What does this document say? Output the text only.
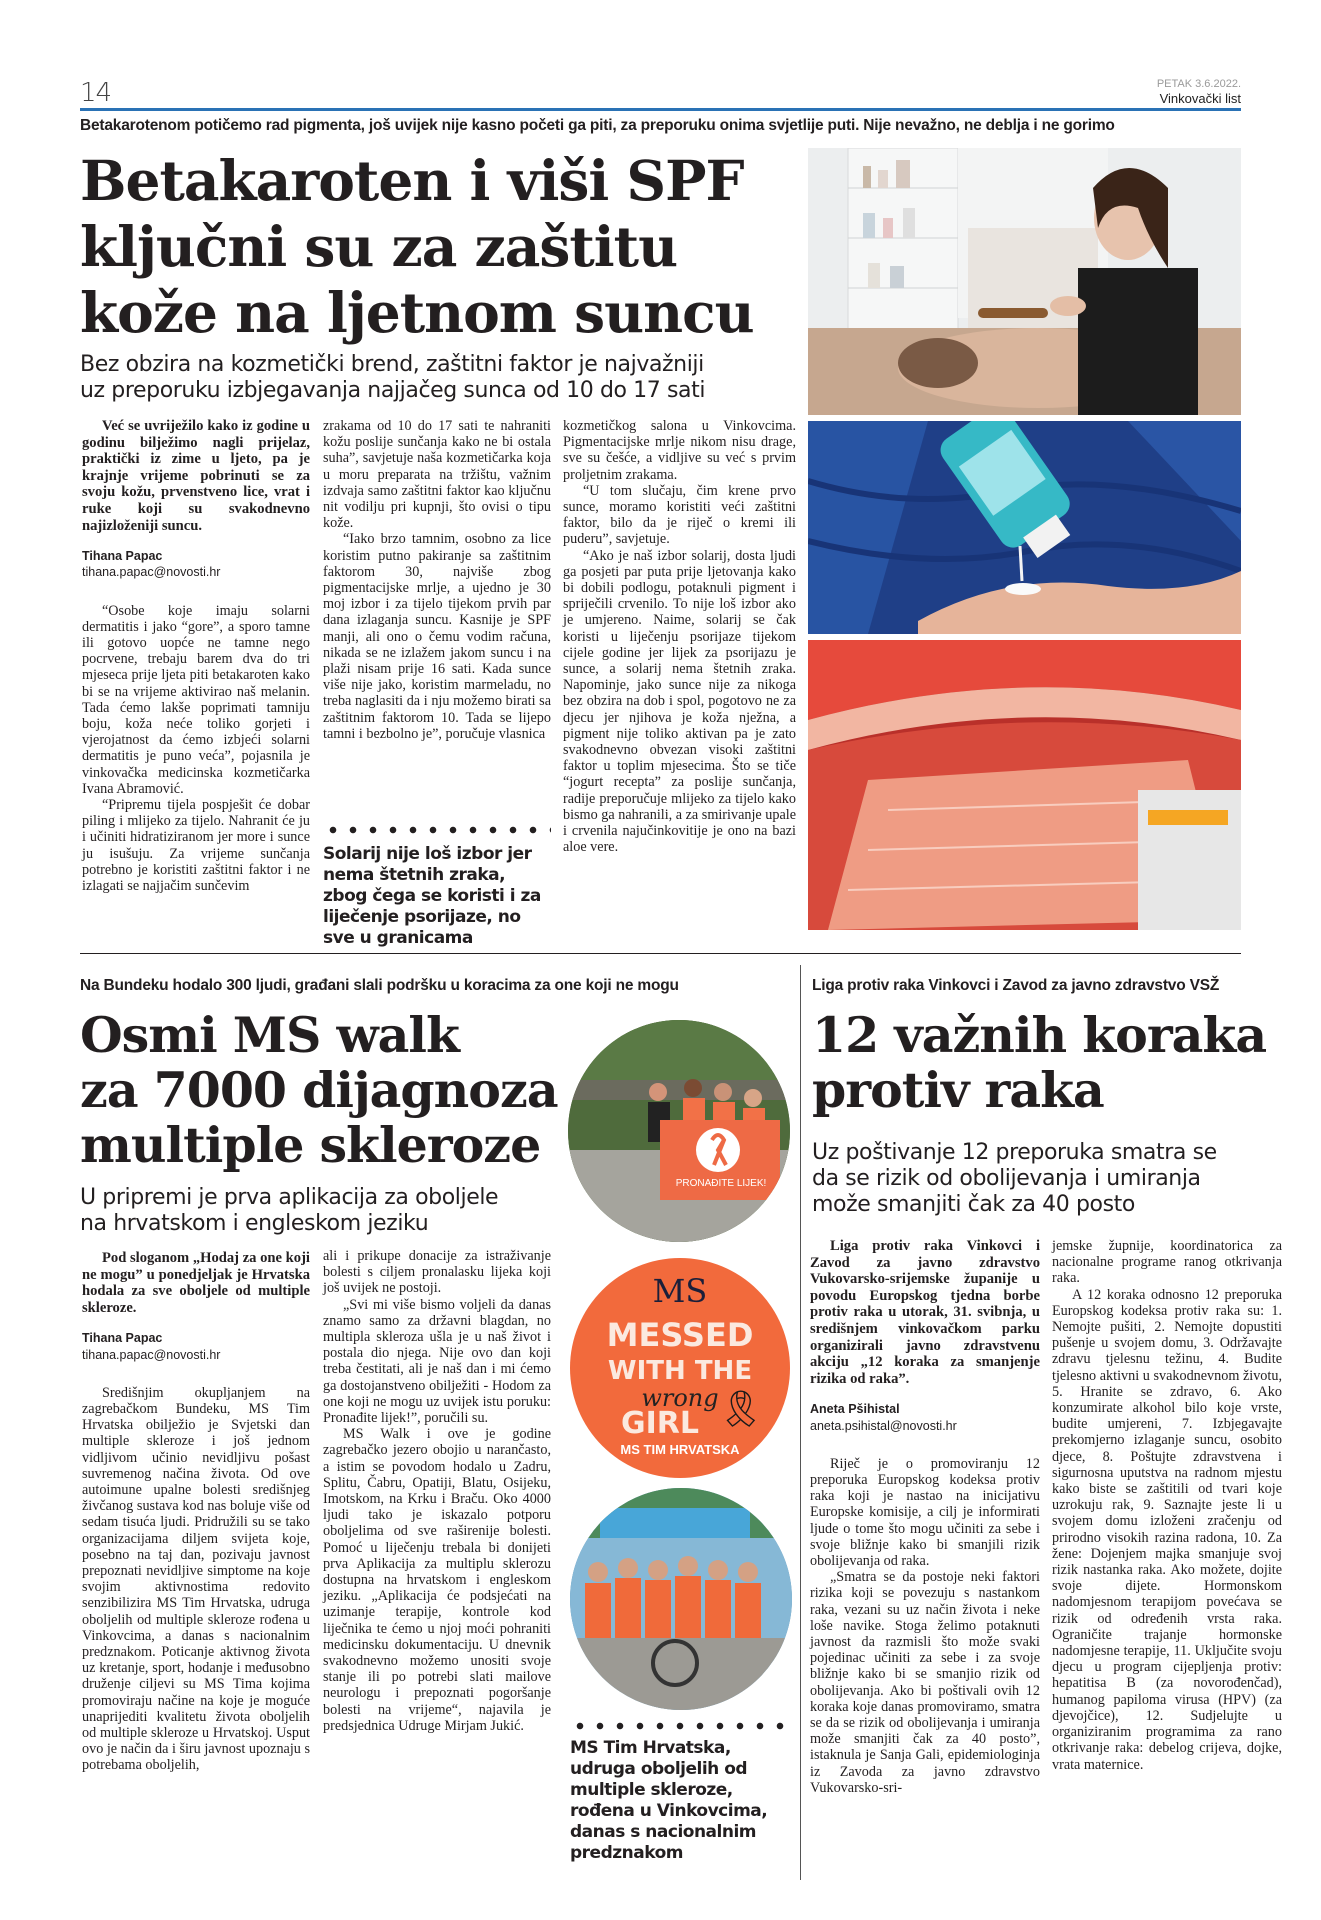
14	PETAK 3.6.2022.
Vinkovački list
Betakarotenom potičemo rad pigmenta, još uvijek nije kasno početi ga piti, za preporuku onima svjetlije puti. Nije nevažno, ne deblja i ne gorimo
Betakaroten i viši SPF
ključni su za zaštitu
kože na ljetnom suncu
Bez obzira na kozmetički brend, zaštitni faktor je najvažniji
uz preporuku izbjegavanja najjačeg sunca od 10 do 17 sati

Već se uvriježilo kako iz godine u godinu bilježimo nagli prijelaz, praktički iz zime u ljeto, pa je krajnje vrijeme pobrinuti se za svoju kožu, prvenstveno lice, vrat i ruke koji su svakodnevno najizloženiji suncu.

Tihana Papac

tihana.papac@novosti.hr

“Osobe koje imaju solarni dermatitis i jako “gore”, a sporo tamne ili gotovo uopće ne tamne nego pocrvene, trebaju barem dva do tri mjeseca prije ljeta piti betakaroten kako bi se na vrijeme aktivirao naš melanin. Tada ćemo lakše poprimati tamniju boju, koža neće toliko gorjeti i vjerojatnost da ćemo izbjeći solarni dermatitis je puno veća”, pojasnila je vinkovačka medicinska kozmetičarka Ivana Abramović.

“Pripremu tijela pospješit će dobar piling i mlijeko za tijelo. Nahranit će ju i učiniti hidratiziranom jer more i sunce ju isušuju. Za vrijeme sunčanja potrebno je koristiti zaštitni faktor i ne izlagati se najjačim sunčevim

zrakama od 10 do 17 sati te nahraniti kožu poslije sunčanja kako ne bi ostala suha”, savjetuje naša kozmetičarka koja u moru preparata na tržištu, važnim izdvaja samo zaštitni faktor kao ključnu nit vodilju pri kupnji, što ovisi o tipu kože.

“Iako brzo tamnim, osobno za lice koristim putno pakiranje sa zaštitnim faktorom 30, najviše zbog pigmentacijske mrlje, a ujedno je 30 moj izbor i za tijelo tijekom prvih par dana izlaganja suncu. Kasnije je SPF manji, ali ono o čemu vodim računa, nikada se ne izlažem jakom suncu i na plaži nisam prije 16 sati. Kada sunce više nije jako, koristim marmeladu, no treba naglasiti da i nju možemo birati sa zaštitnim faktorom 10. Tada se lijepo tamni i bezbolno je”, poručuje vlasnica

Solarij nije loš izbor jer nema štetnih zraka, zbog čega se koristi i za liječenje psorijaze, no sve u granicama

kozmetičkog salona u Vinkovcima. Pigmentacijske mrlje nikom nisu drage, sve su češće, a vidljive su već s prvim proljetnim zrakama.

“U tom slučaju, čim krene prvo sunce, moramo koristiti veći zaštitni faktor, bilo da je riječ o kremi ili puderu”, savjetuje.

“Ako je naš izbor solarij, dosta ljudi ga posjeti par puta prije ljetovanja kako bi dobili podlogu, potaknuli pigment i spriječili crvenilo. To nije loš izbor ako je umjereno. Naime, solarij se čak koristi u liječenju psorijaze tijekom cijele godine jer lijek za psorijazu je sunce, a solarij nema štetnih zraka. Napominje, jako sunce nije za nikoga bez obzira na dob i spol, pogotovo ne za djecu jer njihova je koža nježna, a pigment nije toliko aktivan pa je zato svakodnevno obvezan visoki zaštitni faktor u toplim mjesecima. Što se tiče “jogurt recepta” za poslije sunčanja, radije preporučuje mlijeko za tijelo kako bismo ga nahranili, a za smirivanje upale i crvenila najučinkovitije je ono na bazi aloe vere.

Na Bundeku hodalo 300 ljudi, građani slali podršku u koracima za one koji ne mogu
Osmi MS walk
za 7000 dijagnoza
multiple skleroze
U pripremi je prva aplikacija za oboljele
na hrvatskom i engleskom jeziku

Pod sloganom „Hodaj za one koji ne mogu” u ponedjeljak je Hrvatska hodala za sve oboljele od multiple skleroze.

Tihana Papac

tihana.papac@novosti.hr

Središnjim okupljanjem na zagrebačkom Bundeku, MS Tim Hrvatska obilježio je Svjetski dan multiple skleroze i još jednom vidljivom učinio nevidljivu pošast suvremenog načina života. Od ove autoimune upalne bolesti središnjeg živčanog sustava kod nas boluje više od sedam tisuća ljudi. Pridružili su se tako organizacijama diljem svijeta koje, posebno na taj dan, pozivaju javnost prepoznati nevidljive simptome na koje svojim aktivnostima redovito senzibilizira MS Tim Hrvatska, udruga oboljelih od multiple skleroze rođena u Vinkovcima, a danas s nacionalnim predznakom. Poticanje aktivnog života uz kretanje, sport, hodanje i međusobno druženje ciljevi su MS Tima kojima promoviraju načine na koje je moguće unaprijediti kvalitetu života oboljelih od multiple skleroze u Hrvatskoj. Usput ovo je način da i širu javnost upoznaju s potrebama oboljelih,

ali i prikupe donacije za istraživanje bolesti s ciljem pronalasku lijeka koji još uvijek ne postoji.

„Svi mi više bismo voljeli da danas znamo samo za državni blagdan, no multipla skleroza ušla je u naš život i postala dio njega. Nije ovo dan koji treba čestitati, ali je naš dan i mi ćemo ga dostojanstveno obilježiti - Hodom za one koji ne mogu uz uvijek istu poruku: Pronađite lijek!”, poručili su.

MS Walk i ove je godine zagrebačko jezero obojio u narančasto, a istim se povodom hodalo u Zadru, Splitu, Čabru, Opatiji, Blatu, Osijeku, Imotskom, na Krku i Braču. Oko 4000 ljudi tako je iskazalo potporu oboljelima od sve raširenije bolesti. Pomoć u liječenju trebala bi donijeti prva Aplikacija za multiplu sklerozu dostupna na hrvatskom i engleskom jeziku. „Aplikacija će podsjećati na uzimanje terapije, kontrole kod liječnika te ćemo u njoj moći pohraniti medicinsku dokumentaciju. U dnevnik svakodnevno možemo unositi svoje stanje ili po potrebi slati mailove neurologu i prepoznati pogoršanje bolesti na vrijeme“, najavila je predsjednica Udruge Mirjam Jukić.

PRONAĐITE LIJEK!
MS
MESSED
WITH THE
wrong
GIRL 🎗
MS TIM HRVATSKA
MS Tim Hrvatska, udruga oboljelih od multiple skleroze, rođena u Vinkovcima, danas s nacionalnim predznakom
Liga protiv raka Vinkovci i Zavod za javno zdravstvo VSŽ
12 važnih koraka
protiv raka
Uz poštivanje 12 preporuka smatra se
da se rizik od obolijevanja i umiranja
može smanjiti čak za 40 posto

Liga protiv raka Vinkovci i Zavod za javno zdravstvo Vukovarsko-srijemske županije u povodu Europskog tjedna borbe protiv raka u utorak, 31. svibnja, u središnjem vinkovačkom parku organizirali javno zdravstvenu akciju „12 koraka za smanjenje rizika od raka”.

Aneta Pšihistal

aneta.psihistal@novosti.hr

Riječ je o promoviranju 12 preporuka Europskog kodeksa protiv raka koji je nastao na inicijativu Europske komisije, a cilj je informirati ljude o tome što mogu učiniti za sebe i svoje bližnje kako bi smanjili rizik obolijevanja od raka.

„Smatra se da postoje neki faktori rizika koji se povezuju s nastankom raka, vezani su uz način života i neke loše navike. Stoga želimo potaknuti javnost da razmisli što može svaki pojedinac učiniti za sebe i za svoje bližnje kako bi se smanjio rizik od obolijevanja. Ako bi poštivali ovih 12 koraka koje danas promoviramo, smatra se da se rizik od obolijevanja i umiranja može smanjiti čak za 40 posto”, istaknula je Sanja Gali, epidemiologinja iz Zavoda za javno zdravstvo Vukovarsko-sri-

jemske župnije, koordinatorica za nacionalne programe ranog otkrivanja raka.

A 12 koraka odnosno 12 preporuka Europskog kodeksa protiv raka su: 1. Nemojte pušiti, 2. Nemojte dopustiti pušenje u svojem domu, 3. Održavajte zdravu tjelesnu težinu, 4. Budite tjelesno aktivni u svakodnevnom životu, 5. Hranite se zdravo, 6. Ako konzumirate alkohol bilo koje vrste, budite umjereni, 7. Izbjegavajte prekomjerno izlaganje suncu, osobito djece, 8. Poštujte zdravstvena i sigurnosna uputstva na radnom mjestu kako biste se zaštitili od tvari koje uzrokuju rak, 9. Saznajte jeste li u svojem domu izloženi zračenju od prirodno visokih razina radona, 10. Za žene: Dojenjem majka smanjuje svoj rizik nastanka raka. Ako možete, dojite svoje dijete. Hormonskom nadomjesnom terapijom povećava se rizik od određenih vrsta raka. Ograničite trajanje hormonske nadomjesne terapije, 11. Uključite svoju djecu u program cijepljenja protiv: hepatitisa B (za novorođenčad), humanog papiloma virusa (HPV) (za djevojčice), 12. Sudjelujte u organiziranim programima za rano otkrivanje raka: debelog crijeva, dojke, vrata maternice.
